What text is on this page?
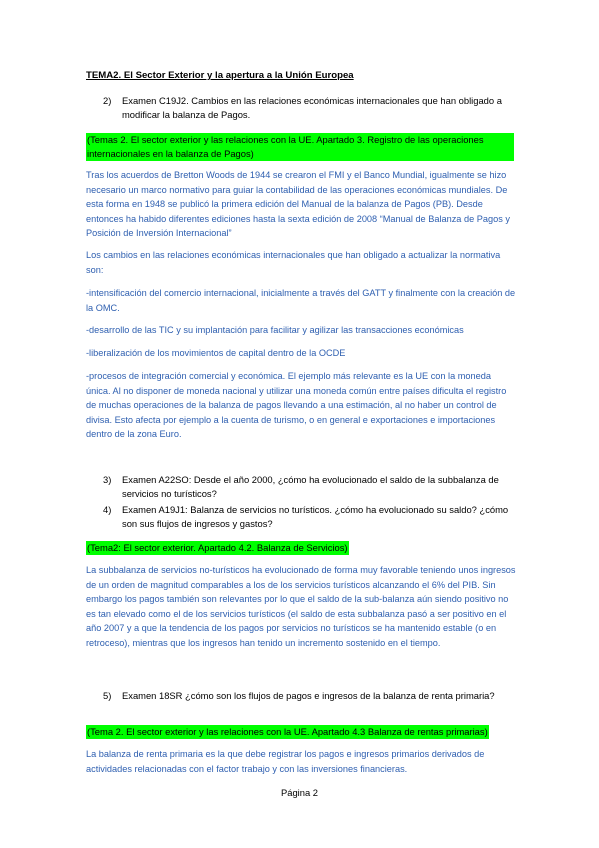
TEMA2. El Sector Exterior y la apertura a la Unión Europea
2) Examen C19J2. Cambios en las relaciones económicas internacionales que han obligado a modificar la balanza de Pagos.
(Temas 2. El sector exterior y las relaciones con la UE. Apartado 3. Registro de las operaciones internacionales en la balanza de Pagos)
Tras los acuerdos de Bretton Woods de 1944 se crearon el FMI y el Banco Mundial, igualmente se hizo necesario un marco normativo para guiar la contabilidad de las operaciones económicas mundiales. De esta forma en 1948 se publicó la primera edición del Manual de la balanza de Pagos (PB). Desde entonces ha habido diferentes ediciones hasta la sexta edición de 2008 “Manual de Balanza de Pagos y Posición de Inversión Internacional”
Los cambios en las relaciones económicas internacionales que han obligado a actualizar la normativa son:
-intensificación del comercio internacional, inicialmente a través del GATT y finalmente con la creación de la OMC.
-desarrollo de las TIC y su implantación para facilitar y agilizar las transacciones económicas
-liberalización de los movimientos de capital dentro de la OCDE
-procesos de integración comercial y económica. El ejemplo más relevante es la UE con la moneda única. Al no disponer de moneda nacional y utilizar una moneda común entre países dificulta el registro de muchas operaciones de la balanza de pagos llevando a una estimación, al no haber un control de divisa. Esto afecta por ejemplo a la cuenta de turismo, o en general e exportaciones e importaciones dentro de la zona Euro.
3) Examen A22SO: Desde el año 2000, ¿cómo ha evolucionado el saldo de la subbalanza de servicios no turísticos?
4) Examen A19J1: Balanza de servicios no turísticos. ¿cómo ha evolucionado su saldo? ¿cómo son sus flujos de ingresos y gastos?
(Tema2: El sector exterior. Apartado 4.2. Balanza de Servicios)
La subbalanza de servicios no-turísticos ha evolucionado de forma muy favorable teniendo unos ingresos de un orden de magnitud comparables a los de los servicios turísticos alcanzando el 6% del PIB. Sin embargo los pagos también son relevantes por lo que el saldo de la sub-balanza aún siendo positivo no es tan elevado como el de los servicios turísticos (el saldo de esta subbalanza pasó a ser positivo en el año 2007 y a que la tendencia de los pagos por servicios no turísticos se ha mantenido estable (o en retroceso), mientras que los ingresos han tenido un incremento sostenido en el tiempo.
5) Examen 18SR ¿cómo son los flujos de pagos e ingresos de la balanza de renta primaria?
(Tema 2. El sector exterior y las relaciones con la UE. Apartado 4.3 Balanza de rentas primarias)
La balanza de renta primaria es la que debe registrar los pagos e ingresos primarios derivados de actividades relacionadas con el factor trabajo y con las inversiones financieras.
Página 2
